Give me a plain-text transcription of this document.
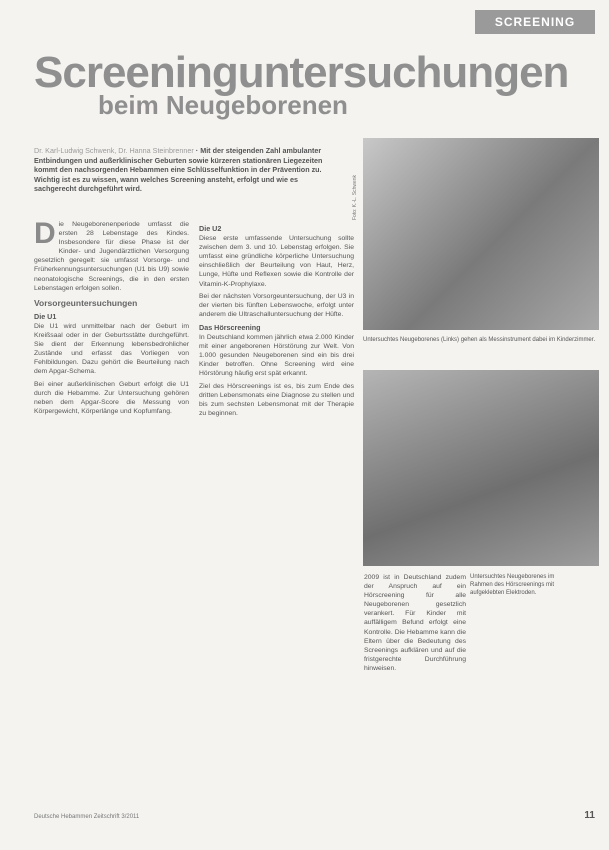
SCREENING
Screeninguntersuchungen
beim Neugeborenen
Dr. Karl-Ludwig Schwenk, Dr. Hanna Steinbrenner · Mit der steigenden Zahl ambulanter Entbindungen und außerklinischer Geburten sowie kürzeren stationären Liegezeiten kommt den nachsorgenden Hebammen eine Schlüsselfunktion in der Prävention zu. Wichtig ist es zu wissen, wann welches Screening ansteht, erfolgt und wie es sachgerecht durchgeführt wird.

Die Neugeborenenperiode umfasst die ersten 28 Lebenstage des Kindes. Insbesondere für diese Phase ist der Kinder- und Jugendärztlichen Versorgung gesetzlich geregelt: sie umfasst Vorsorge- und Früherkennungsuntersuchungen (U1 bis U9) sowie neonatologische Screenings, die in den ersten Lebenstagen erfolgen sollen.

Vorsorgeuntersuchungen
Die U1

Die U1 wird unmittelbar nach der Geburt im Kreißsaal oder in der Geburtsstätte durchgeführt. Sie dient der Erkennung lebensbedrohlicher Zustände und erfasst das Vorliegen von Fehlbildungen. Dazu gehört die Beurteilung nach dem Apgar-Schema.

Bei einer außerklinischen Geburt erfolgt die U1 durch die Hebamme. Zur Untersuchung gehören neben dem Apgar-Score die Messung von Körpergewicht, Körperlänge und Kopfumfang.

Die U2

Diese erste umfassende Untersuchung sollte zwischen dem 3. und 10. Lebenstag erfolgen. Sie umfasst eine gründliche körperliche Untersuchung einschließlich der Beurteilung von Haut, Herz, Lunge, Hüfte und Reflexen sowie die Kontrolle der Vitamin-K-Prophylaxe.

Bei der nächsten Vorsorgeuntersuchung, der U3 in der vierten bis fünften Lebenswoche, erfolgt unter anderem die Ultraschalluntersuchung der Hüfte.

Das Hörscreening

In Deutschland kommen jährlich etwa 2.000 Kinder mit einer angeborenen Hörstörung zur Welt. Von 1.000 gesunden Neugeborenen sind ein bis drei Kinder betroffen. Ohne Screening wird eine Hörstörung häufig erst spät erkannt.

Ziel des Hörscreenings ist es, bis zum Ende des dritten Lebensmonats eine Diagnose zu stellen und bis zum sechsten Lebensmonat mit der Therapie zu beginnen.

Foto: K.-L. Schwenk
Untersuchtes Neugeborenes (Links) gehen als Messinstrument dabei im Kinderzimmer.
Untersuchtes Neugeborenes im Rahmen des Hörscreenings mit aufgeklebten Elektroden.

2009 ist in Deutschland zudem der Anspruch auf ein Hörscreening für alle Neugeborenen gesetzlich verankert. Für Kinder mit auffälligem Befund erfolgt eine Kontrolle. Die Hebamme kann die Eltern über die Bedeutung des Screenings aufklären und auf die fristgerechte Durchführung hinweisen.

Deutsche Hebammen Zeitschrift 3/2011	11
